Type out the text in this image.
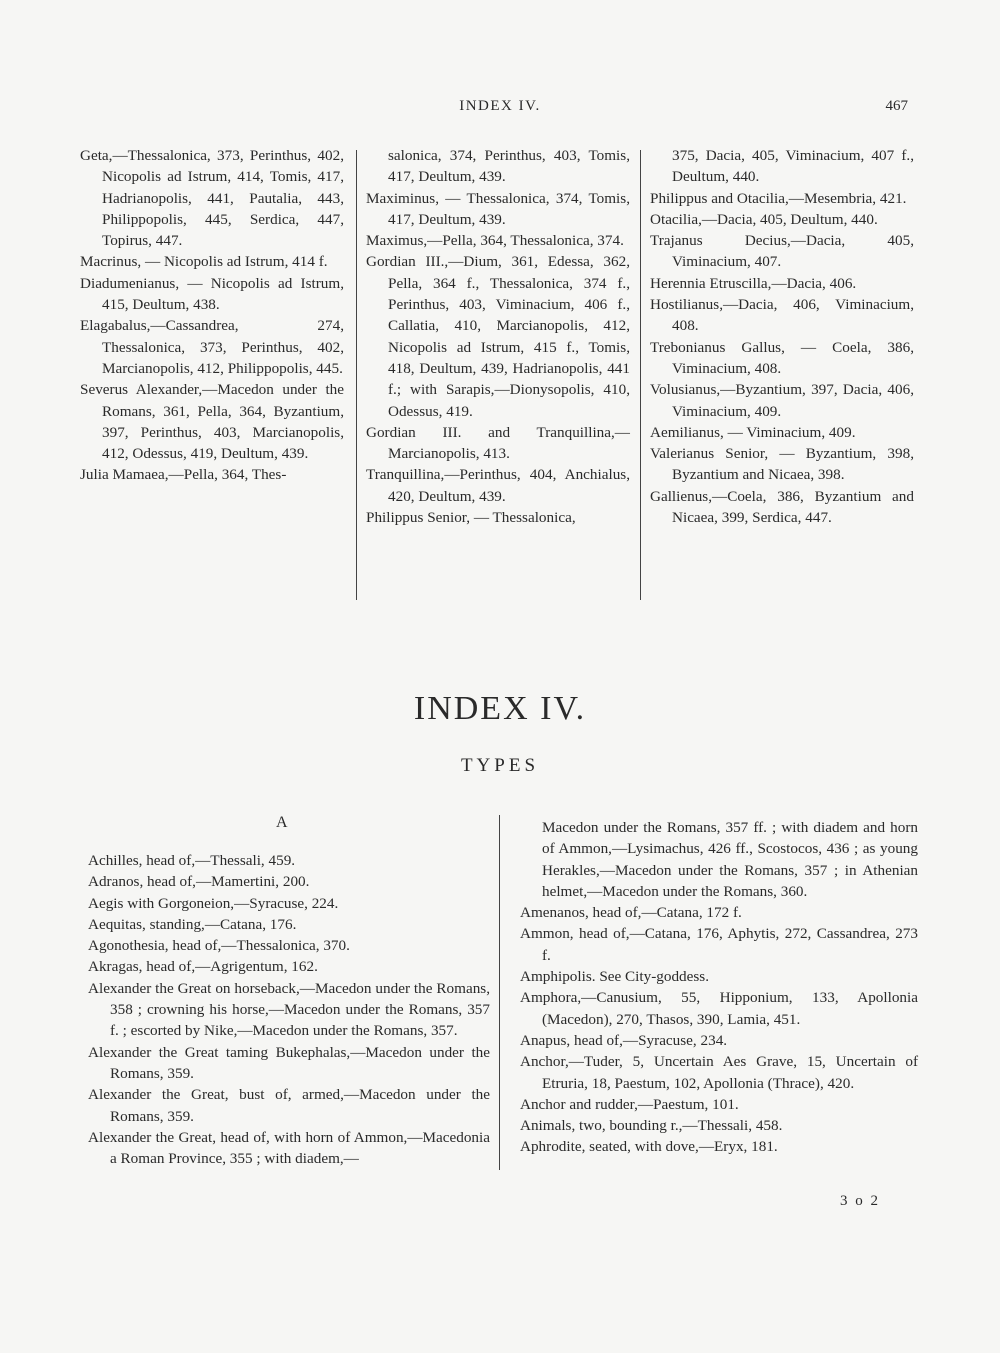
INDEX IV.	467
Geta,—Thessalonica, 373, Perinthus, 402, Nicopolis ad Istrum, 414, Tomis, 417, Hadrianopolis, 441, Pautalia, 443, Philippopolis, 445, Serdica, 447, Topirus, 447.
Macrinus, — Nicopolis ad Istrum, 414 f.
Diadumenianus, — Nicopolis ad Istrum, 415, Deultum, 438.
Elagabalus,—Cassandrea, 274, Thessalonica, 373, Perinthus, 402, Marcianopolis, 412, Philippopolis, 445.
Severus Alexander,—Macedon under the Romans, 361, Pella, 364, Byzantium, 397, Perinthus, 403, Marcianopolis, 412, Odessus, 419, Deultum, 439.
Julia Mamaea,—Pella, 364, Thes-
salonica, 374, Perinthus, 403, Tomis, 417, Deultum, 439.
Maximinus, — Thessalonica, 374, Tomis, 417, Deultum, 439.
Maximus,—Pella, 364, Thessalonica, 374.
Gordian III.,—Dium, 361, Edessa, 362, Pella, 364 f., Thessalonica, 374 f., Perinthus, 403, Viminacium, 406 f., Callatia, 410, Marcianopolis, 412, Nicopolis ad Istrum, 415 f., Tomis, 418, Deultum, 439, Hadrianopolis, 441 f.; with Sarapis,—Dionysopolis, 410, Odessus, 419.
Gordian III. and Tranquillina,—Marcianopolis, 413.
Tranquillina,—Perinthus, 404, Anchialus, 420, Deultum, 439.
Philippus Senior, — Thessalonica,
375, Dacia, 405, Viminacium, 407 f., Deultum, 440.
Philippus and Otacilia,—Mesembria, 421.
Otacilia,—Dacia, 405, Deultum, 440.
Trajanus Decius,—Dacia, 405, Viminacium, 407.
Herennia Etruscilla,—Dacia, 406.
Hostilianus,—Dacia, 406, Viminacium, 408.
Trebonianus Gallus, — Coela, 386, Viminacium, 408.
Volusianus,—Byzantium, 397, Dacia, 406, Viminacium, 409.
Aemilianus, — Viminacium, 409.
Valerianus Senior, — Byzantium, 398, Byzantium and Nicaea, 398.
Gallienus,—Coela, 386, Byzantium and Nicaea, 399, Serdica, 447.
INDEX IV.
TYPES
A
Achilles, head of,—Thessali, 459.
Adranos, head of,—Mamertini, 200.
Aegis with Gorgoneion,—Syracuse, 224.
Aequitas, standing,—Catana, 176.
Agonothesia, head of,—Thessalonica, 370.
Akragas, head of,—Agrigentum, 162.
Alexander the Great on horseback,—Macedon under the Romans, 358 ; crowning his horse,—Macedon under the Romans, 357 f. ; escorted by Nike,—Macedon under the Romans, 357.
Alexander the Great taming Bukephalas,—Macedon under the Romans, 359.
Alexander the Great, bust of, armed,—Macedon under the Romans, 359.
Alexander the Great, head of, with horn of Ammon,—Macedonia a Roman Province, 355 ; with diadem,—
Macedon under the Romans, 357 ff. ; with diadem and horn of Ammon,—Lysimachus, 426 ff., Scostocos, 436 ; as young Herakles,—Macedon under the Romans, 357 ; in Athenian helmet,—Macedon under the Romans, 360.
Amenanos, head of,—Catana, 172 f.
Ammon, head of,—Catana, 176, Aphytis, 272, Cassandrea, 273 f.
Amphipolis. See City-goddess.
Amphora,—Canusium, 55, Hipponium, 133, Apollonia (Macedon), 270, Thasos, 390, Lamia, 451.
Anapus, head of,—Syracuse, 234.
Anchor,—Tuder, 5, Uncertain Aes Grave, 15, Uncertain of Etruria, 18, Paestum, 102, Apollonia (Thrace), 420.
Anchor and rudder,—Paestum, 101.
Animals, two, bounding r.,—Thessali, 458.
Aphrodite, seated, with dove,—Eryx, 181.
3 o 2
